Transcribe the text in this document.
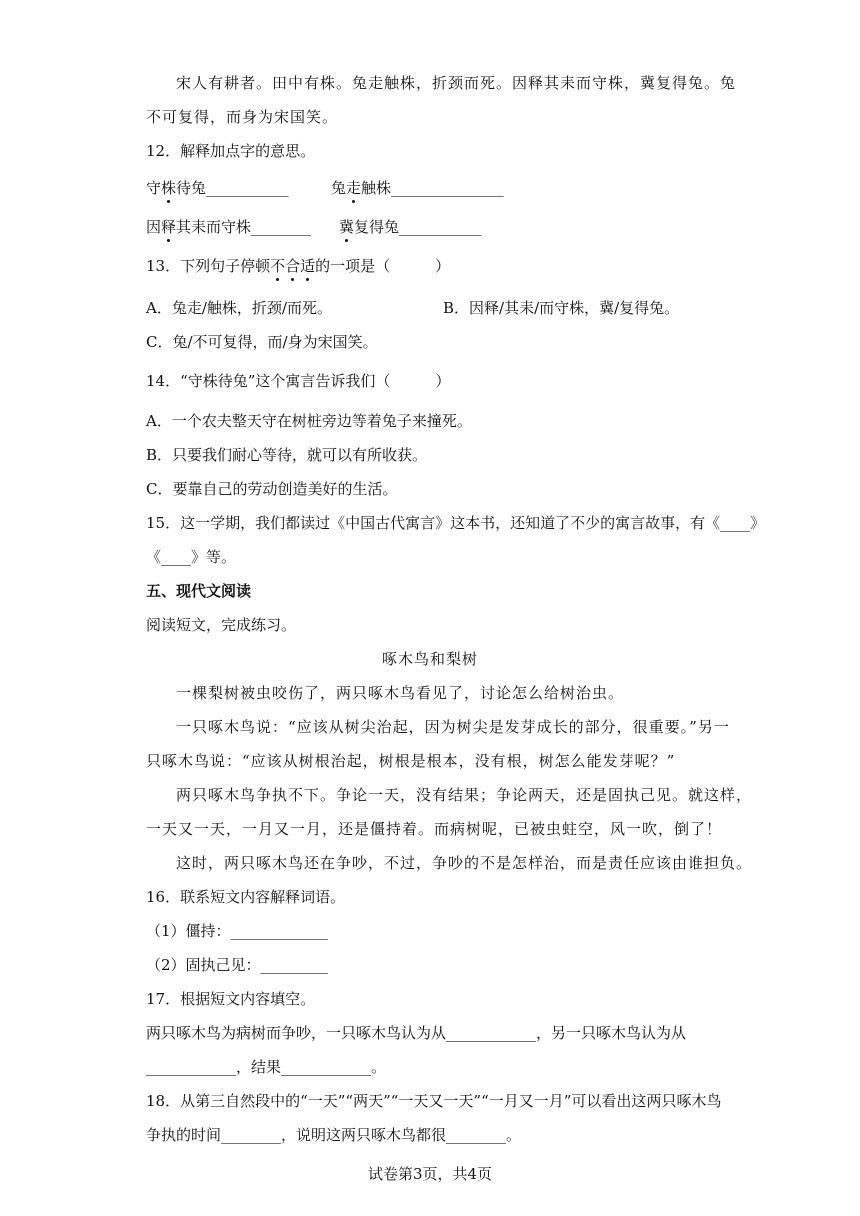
宋人有耕者。田中有株。兔走触株，折颈而死。因释其耒而守株，冀复得兔。兔
不可复得，而身为宋国笑。
12．解释加点字的意思。
守株待兔___________	兔走触株_______________
因释其耒而守株________ 冀复得兔___________
13．下列句子停顿不合适的一项是（　　　）
A．兔走/触株，折颈/而死。	B．因释/其耒/而守株，冀/复得兔。
C．兔/不可复得，而/身为宋国笑。
14．“守株待兔”这个寓言告诉我们（　　　）
A．一个农夫整天守在树桩旁边等着兔子来撞死。
B．只要我们耐心等待，就可以有所收获。
C．要靠自己的劳动创造美好的生活。
15．这一学期，我们都读过《中国古代寓言》这本书，还知道了不少的寓言故事，有《____》
《____》等。
五、现代文阅读
阅读短文，完成练习。
啄木鸟和梨树
一棵梨树被虫咬伤了，两只啄木鸟看见了，讨论怎么给树治虫。
一只啄木鸟说：“应该从树尖治起，因为树尖是发芽成长的部分，很重要。”另一
只啄木鸟说：“应该从树根治起，树根是根本，没有根，树怎么能发芽呢？”
两只啄木鸟争执不下。争论一天，没有结果；争论两天，还是固执己见。就这样，
一天又一天，一月又一月，还是僵持着。而病树呢，已被虫蛀空，风一吹，倒了！
这时，两只啄木鸟还在争吵，不过，争吵的不是怎样治，而是责任应该由谁担负。
16．联系短文内容解释词语。
（1）僵持：_____________
（2）固执己见：_________
17．根据短文内容填空。
两只啄木鸟为病树而争吵，一只啄木鸟认为从____________，另一只啄木鸟认为从
____________，结果____________。
18．从第三自然段中的“一天”“两天”“一天又一天”“一月又一月”可以看出这两只啄木鸟
争执的时间________，说明这两只啄木鸟都很________。
试卷第3页，共4页
